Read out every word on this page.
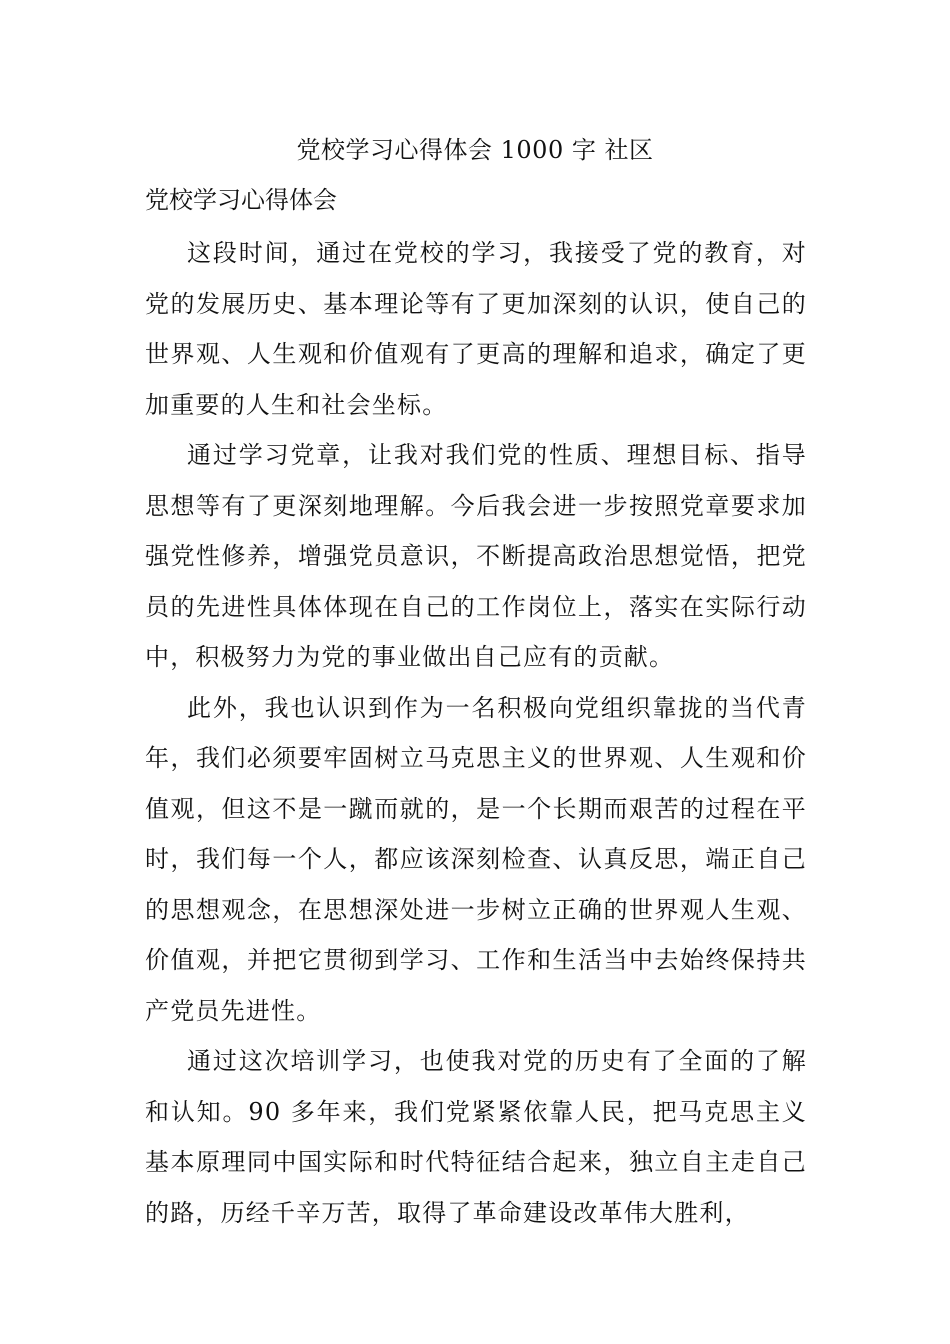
党校学习心得体会 1000 字 社区
党校学习心得体会

这段时间，通过在党校的学习，我接受了党的教育，对党的发展历史、基本理论等有了更加深刻的认识，使自己的世界观、人生观和价值观有了更高的理解和追求，确定了更加重要的人生和社会坐标。

通过学习党章，让我对我们党的性质、理想目标、指导思想等有了更深刻地理解。今后我会进一步按照党章要求加强党性修养，增强党员意识，不断提高政治思想觉悟，把党员的先进性具体体现在自己的工作岗位上，落实在实际行动中，积极努力为党的事业做出自己应有的贡献。

此外，我也认识到作为一名积极向党组织靠拢的当代青年，我们必须要牢固树立马克思主义的世界观、人生观和价值观，但这不是一蹴而就的，是一个长期而艰苦的过程在平时，我们每一个人，都应该深刻检查、认真反思，端正自己的思想观念，在思想深处进一步树立正确的世界观人生观、价值观，并把它贯彻到学习、工作和生活当中去始终保持共产党员先进性。

通过这次培训学习，也使我对党的历史有了全面的了解和认知。90 多年来，我们党紧紧依靠人民，把马克思主义基本原理同中国实际和时代特征结合起来，独立自主走自己的路，历经千辛万苦，取得了革命建设改革伟大胜利，
